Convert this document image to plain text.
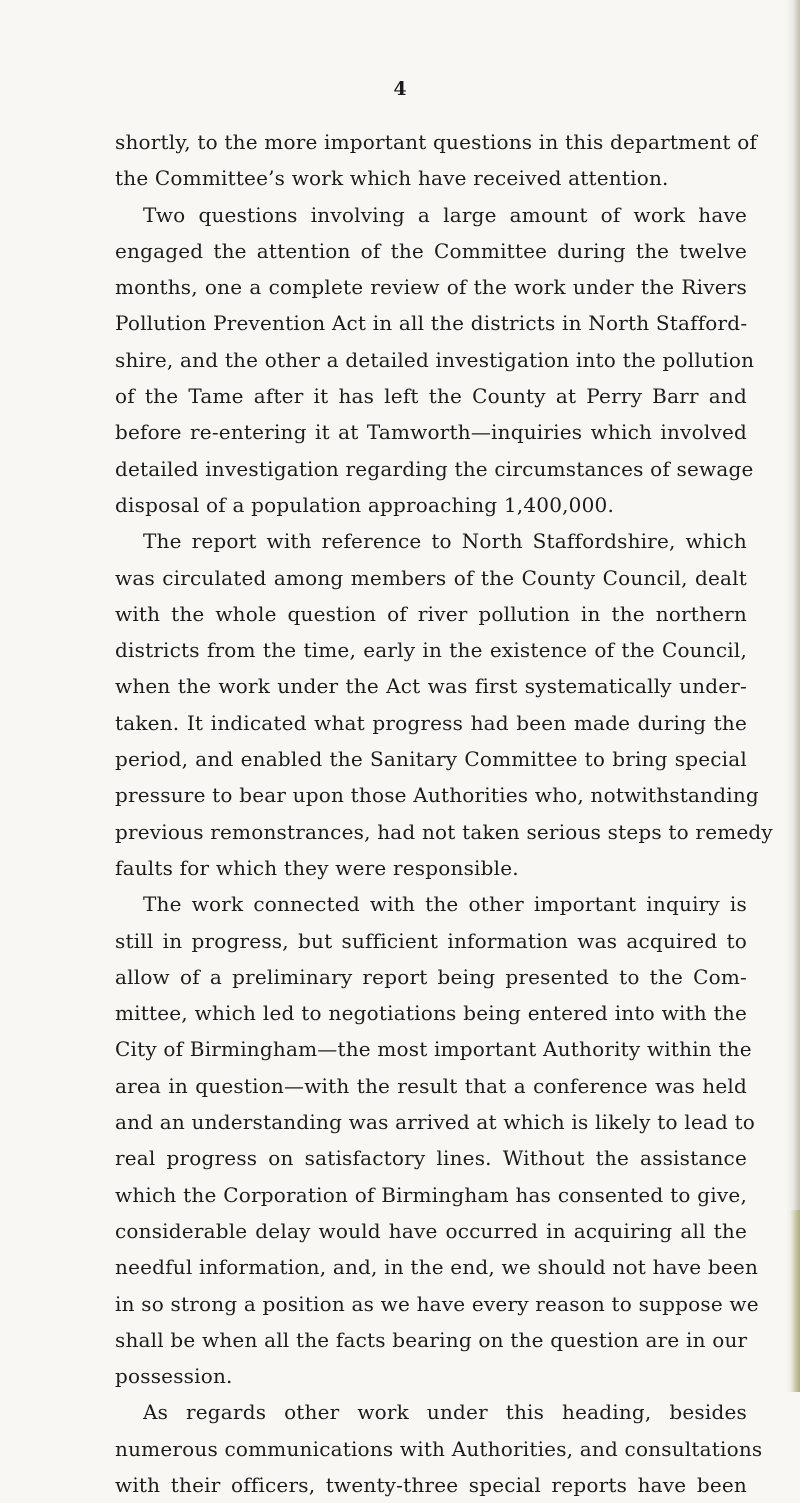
4
shortly, to the more important questions in this department of
the Committee’s work which have received attention.
Two questions involving a large amount of work have
engaged the attention of the Committee during the twelve
months, one a complete review of the work under the Rivers
Pollution Prevention Act in all the districts in North Stafford-
shire, and the other a detailed investigation into the pollution
of the Tame after it has left the County at Perry Barr and
before re-entering it at Tamworth—inquiries which involved
detailed investigation regarding the circumstances of sewage
disposal of a population approaching 1,400,000.
The report with reference to North Staffordshire, which
was circulated among members of the County Council, dealt
with the whole question of river pollution in the northern
districts from the time, early in the existence of the Council,
when the work under the Act was first systematically under-
taken. It indicated what progress had been made during the
period, and enabled the Sanitary Committee to bring special
pressure to bear upon those Authorities who, notwithstanding
previous remonstrances, had not taken serious steps to remedy
faults for which they were responsible.
The work connected with the other important inquiry is
still in progress, but sufficient information was acquired to
allow of a preliminary report being presented to the Com-
mittee, which led to negotiations being entered into with the
City of Birmingham—the most important Authority within the
area in question—with the result that a conference was held
and an understanding was arrived at which is likely to lead to
real progress on satisfactory lines. Without the assistance
which the Corporation of Birmingham has consented to give,
considerable delay would have occurred in acquiring all the
needful information, and, in the end, we should not have been
in so strong a position as we have every reason to suppose we
shall be when all the facts bearing on the question are in our
possession.
As regards other work under this heading, besides
numerous communications with Authorities, and consultations
with their officers, twenty-three special reports have been
